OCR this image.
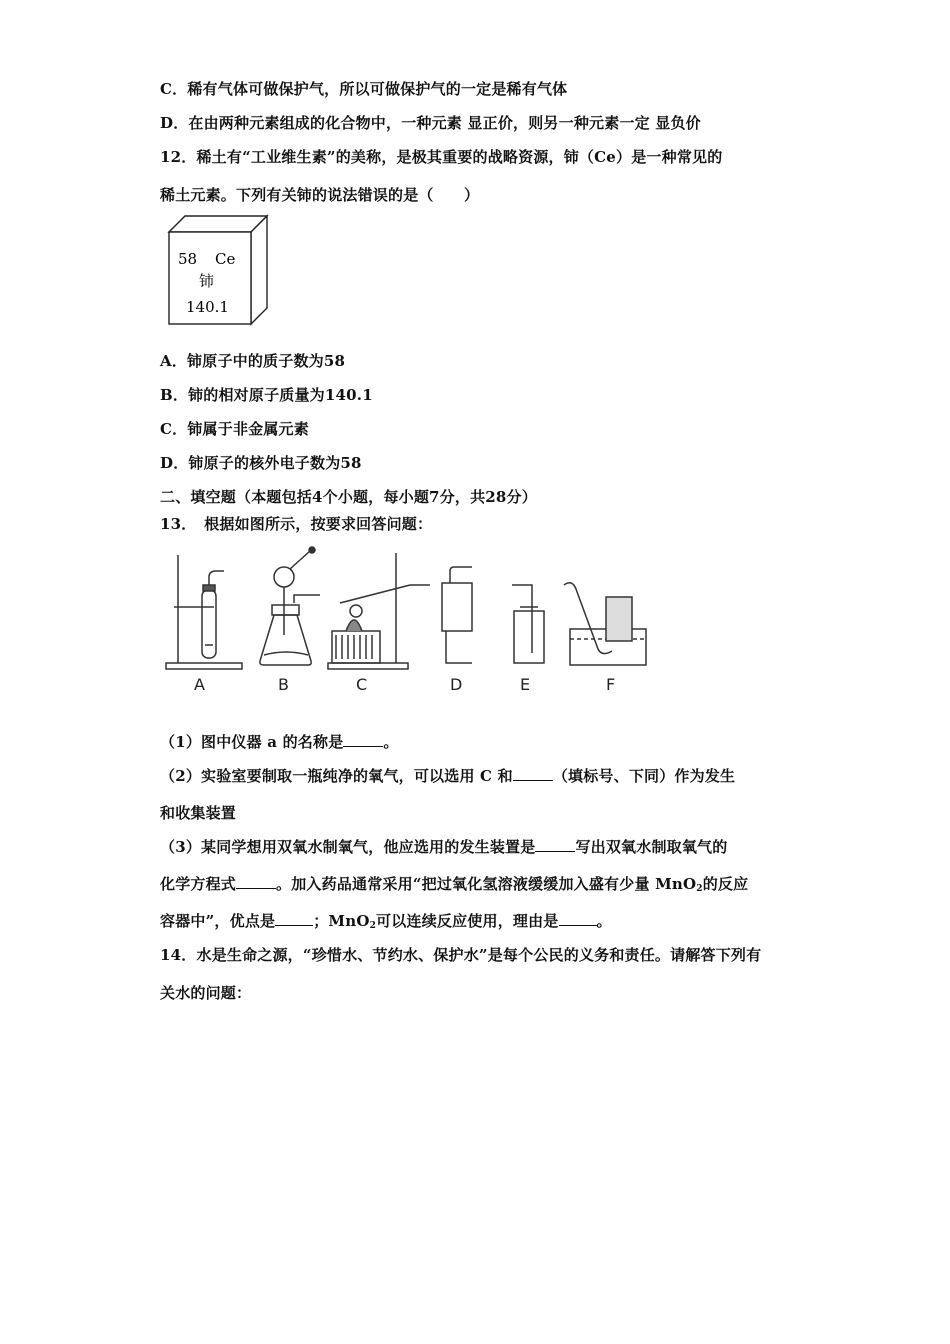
C．稀有气体可做保护气，所以可做保护气的一定是稀有气体
D．在由两种元素组成的化合物中，一种元素 显正价，则另一种元素一定 显负价
12．稀土有“工业维生素”的美称，是极其重要的战略资源，铈（Ce）是一种常见的
稀土元素。下列有关铈的说法错误的是（　　）
58 Ce
铈
140.1
A．铈原子中的质子数为58
B．铈的相对原子质量为140.1
C．铈属于非金属元素
D．铈原子的核外电子数为58
二、填空题（本题包括4个小题，每小题7分，共28分）
13．　根据如图所示，按要求回答问题：
A	B	C	D	E	F
（1）图中仪器 a 的名称是	。
（2）实验室要制取一瓶纯净的氧气，可以选用 C 和	（填标号、下同）作为发生
和收集装置
（3）某同学想用双氧水制氧气，他应选用的发生装置是	写出双氧水制取氧气的
化学方程式	。加入药品通常采用“把过氧化氢溶液缓缓加入盛有少量 MnO$_2$的反应
容器中”，优点是	；MnO$_2$可以连续反应使用，理由是	。
14．水是生命之源，“珍惜水、节约水、保护水”是每个公民的义务和责任。请解答下列有
关水的问题：
